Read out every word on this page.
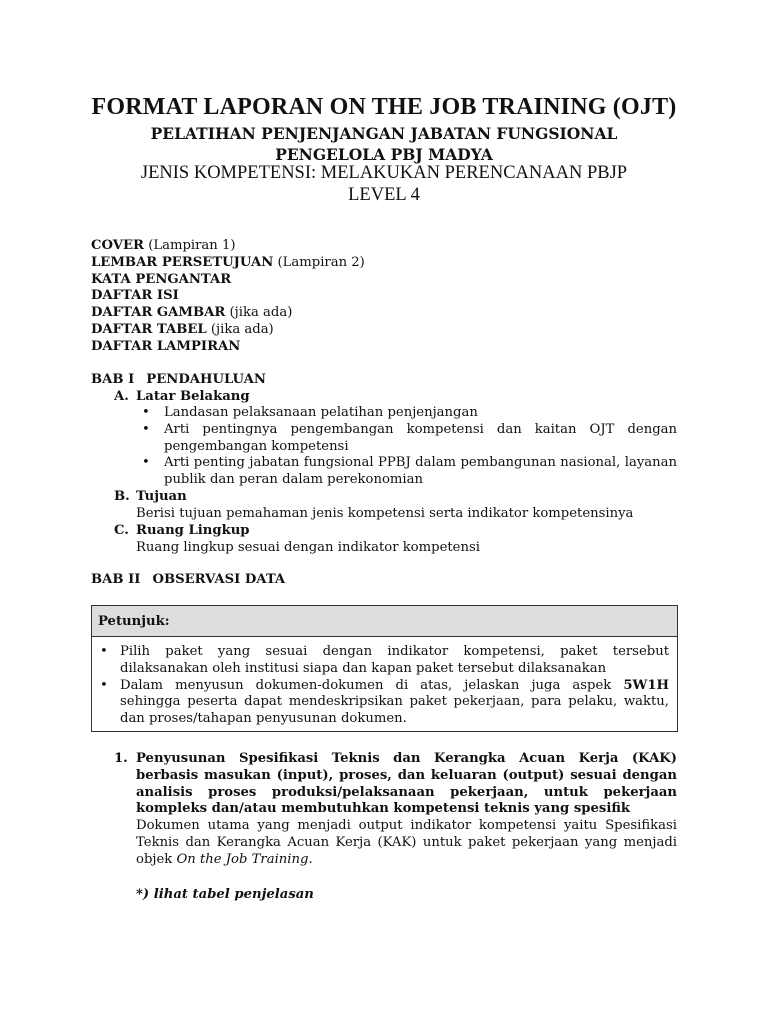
FORMAT LAPORAN ON THE JOB TRAINING (OJT)
PELATIHAN PENJENJANGAN JABATAN FUNGSIONAL
PENGELOLA PBJ MADYA
JENIS KOMPETENSI: MELAKUKAN PERENCANAAN PBJP
LEVEL 4
COVER (Lampiran 1)
LEMBAR PERSETUJUAN (Lampiran 2)
KATA PENGANTAR
DAFTAR ISI
DAFTAR GAMBAR (jika ada)
DAFTAR TABEL (jika ada)
DAFTAR LAMPIRAN
BAB I PENDAHULUAN
A. Latar Belakang
• Landasan pelaksanaan pelatihan penjenjangan
• Arti pentingnya pengembangan kompetensi dan kaitan OJT dengan pengembangan kompetensi
• Arti penting jabatan fungsional PPBJ dalam pembangunan nasional, layanan publik dan peran dalam perekonomian
B. Tujuan
Berisi tujuan pemahaman jenis kompetensi serta indikator kompetensinya
C. Ruang Lingkup
Ruang lingkup sesuai dengan indikator kompetensi
BAB II OBSERVASI DATA
Petunjuk:
• Pilih paket yang sesuai dengan indikator kompetensi, paket tersebut dilaksanakan oleh institusi siapa dan kapan paket tersebut dilaksanakan
• Dalam menyusun dokumen-dokumen di atas, jelaskan juga aspek 5W1H sehingga peserta dapat mendeskripsikan paket pekerjaan, para pelaku, waktu, dan proses/tahapan penyusunan dokumen.
1. Penyusunan Spesifikasi Teknis dan Kerangka Acuan Kerja (KAK) berbasis masukan (input), proses, dan keluaran (output) sesuai dengan analisis proses produksi/pelaksanaan pekerjaan, untuk pekerjaan kompleks dan/atau membutuhkan kompetensi teknis yang spesifik
Dokumen utama yang menjadi output indikator kompetensi yaitu Spesifikasi Teknis dan Kerangka Acuan Kerja (KAK) untuk paket pekerjaan yang menjadi objek On the Job Training.
*) lihat tabel penjelasan
